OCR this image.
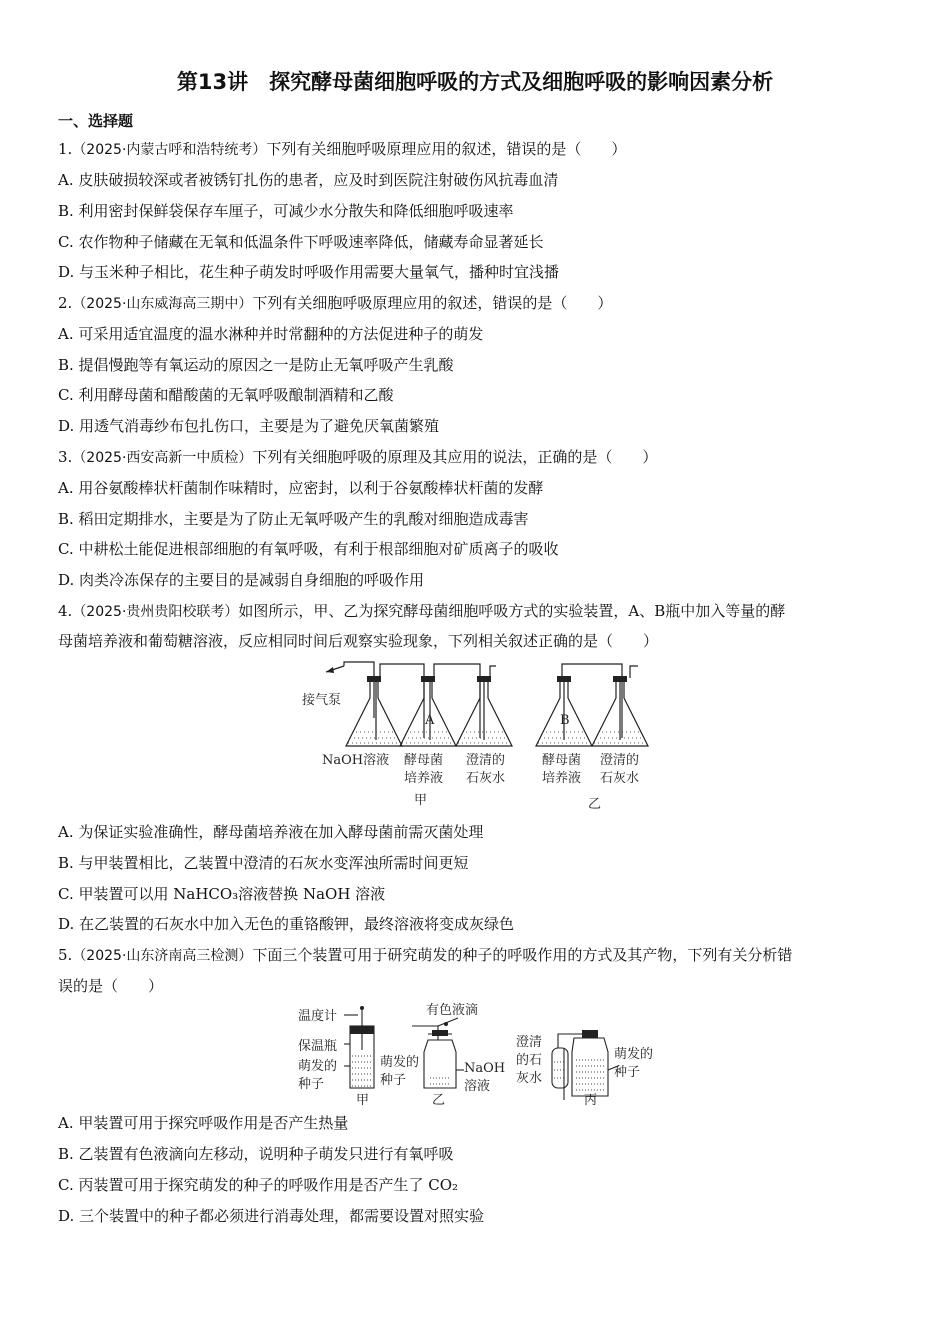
第13讲　探究酵母菌细胞呼吸的方式及细胞呼吸的影响因素分析
一、选择题
1.（2025·内蒙古呼和浩特统考）下列有关细胞呼吸原理应用的叙述，错误的是（　　）
A. 皮肤破损较深或者被锈钉扎伤的患者，应及时到医院注射破伤风抗毒血清
B. 利用密封保鲜袋保存车厘子，可减少水分散失和降低细胞呼吸速率
C. 农作物种子储藏在无氧和低温条件下呼吸速率降低，储藏寿命显著延长
D. 与玉米种子相比，花生种子萌发时呼吸作用需要大量氧气，播种时宜浅播
2.（2025·山东威海高三期中）下列有关细胞呼吸原理应用的叙述，错误的是（　　）
A. 可采用适宜温度的温水淋种并时常翻种的方法促进种子的萌发
B. 提倡慢跑等有氧运动的原因之一是防止无氧呼吸产生乳酸
C. 利用酵母菌和醋酸菌的无氧呼吸酿制酒精和乙酸
D. 用透气消毒纱布包扎伤口，主要是为了避免厌氧菌繁殖
3.（2025·西安高新一中质检）下列有关细胞呼吸的原理及其应用的说法，正确的是（　　）
A. 用谷氨酸棒状杆菌制作味精时，应密封，以利于谷氨酸棒状杆菌的发酵
B. 稻田定期排水，主要是为了防止无氧呼吸产生的乳酸对细胞造成毒害
C. 中耕松土能促进根部细胞的有氧呼吸，有利于根部细胞对矿质离子的吸收
D. 肉类冷冻保存的主要目的是减弱自身细胞的呼吸作用
4.（2025·贵州贵阳校联考）如图所示，甲、乙为探究酵母菌细胞呼吸方式的实验装置，A、B瓶中加入等量的酵
母菌培养液和葡萄糖溶液，反应相同时间后观察实验现象，下列相关叙述正确的是（　　）
接气泵
A	B
NaOH溶液 酵母菌
培养液
澄清的
石灰水
甲
酵母菌
培养液
澄清的
石灰水
乙
A. 为保证实验准确性，酵母菌培养液在加入酵母菌前需灭菌处理
B. 与甲装置相比，乙装置中澄清的石灰水变浑浊所需时间更短
C. 甲装置可以用 NaHCO₃溶液替换 NaOH 溶液
D. 在乙装置的石灰水中加入无色的重铬酸钾，最终溶液将变成灰绿色
5.（2025·山东济南高三检测）下面三个装置可用于研究萌发的种子的呼吸作用的方式及其产物，下列有关分析错
误的是（　　）
温度计
保温瓶
萌发的
种子
甲
有色液滴
萌发的
种子
NaOH
溶液
乙
澄清
的石
灰水
萌发的
种子
丙
A. 甲装置可用于探究呼吸作用是否产生热量
B. 乙装置有色液滴向左移动，说明种子萌发只进行有氧呼吸
C. 丙装置可用于探究萌发的种子的呼吸作用是否产生了 CO₂
D. 三个装置中的种子都必须进行消毒处理，都需要设置对照实验
